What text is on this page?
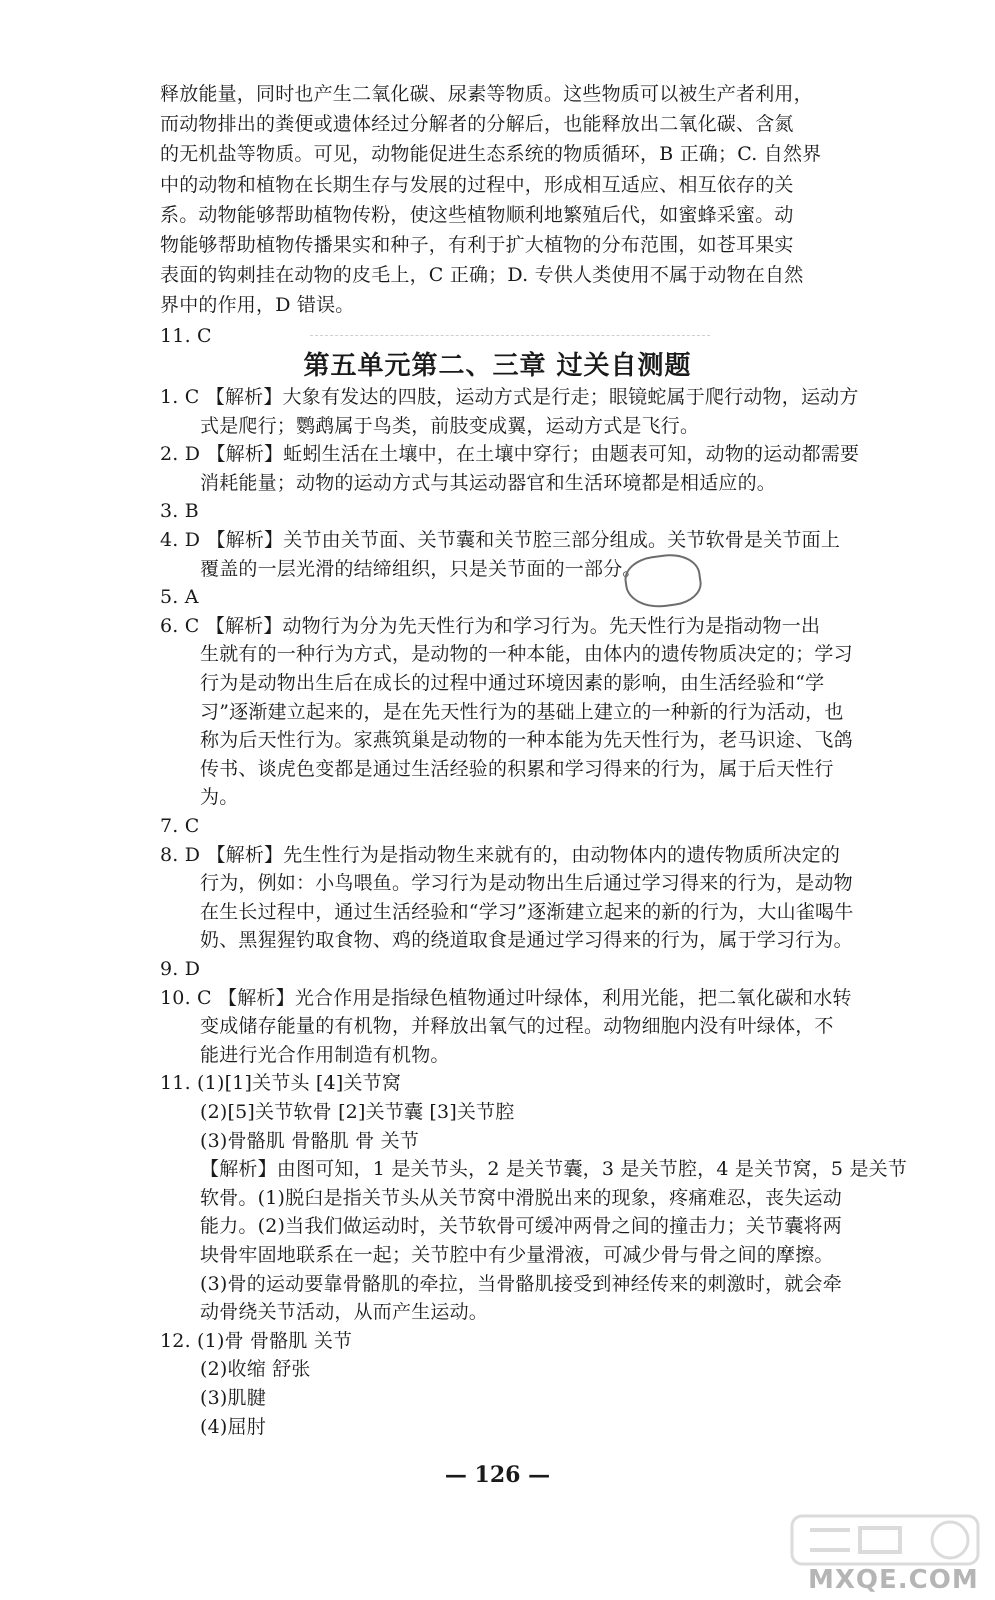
第五单元第二、三章 过关自测题
释放能量，同时也产生二氧化碳、尿素等物质。这些物质可以被生产者利用，
而动物排出的粪便或遗体经过分解者的分解后，也能释放出二氧化碳、含氮
的无机盐等物质。可见，动物能促进生态系统的物质循环，B 正确；C. 自然界
中的动物和植物在长期生存与发展的过程中，形成相互适应、相互依存的关
系。动物能够帮助植物传粉，使这些植物顺利地繁殖后代，如蜜蜂采蜜。动
物能够帮助植物传播果实和种子，有利于扩大植物的分布范围，如苍耳果实
表面的钩刺挂在动物的皮毛上，C 正确；D. 专供人类使用不属于动物在自然
界中的作用，D 错误。
11. C
1. C 【解析】大象有发达的四肢，运动方式是行走；眼镜蛇属于爬行动物，运动方
式是爬行；鹦鹉属于鸟类，前肢变成翼，运动方式是飞行。
2. D 【解析】蚯蚓生活在土壤中，在土壤中穿行；由题表可知，动物的运动都需要
消耗能量；动物的运动方式与其运动器官和生活环境都是相适应的。
3. B
4. D 【解析】关节由关节面、关节囊和关节腔三部分组成。关节软骨是关节面上
覆盖的一层光滑的结缔组织，只是关节面的一部分。
5. A
6. C 【解析】动物行为分为先天性行为和学习行为。先天性行为是指动物一出
生就有的一种行为方式，是动物的一种本能，由体内的遗传物质决定的；学习
行为是动物出生后在成长的过程中通过环境因素的影响，由生活经验和“学
习”逐渐建立起来的，是在先天性行为的基础上建立的一种新的行为活动，也
称为后天性行为。家燕筑巢是动物的一种本能为先天性行为，老马识途、飞鸽
传书、谈虎色变都是通过生活经验的积累和学习得来的行为，属于后天性行
为。
7. C
8. D 【解析】先生性行为是指动物生来就有的，由动物体内的遗传物质所决定的
行为，例如：小鸟喂鱼。学习行为是动物出生后通过学习得来的行为，是动物
在生长过程中，通过生活经验和“学习”逐渐建立起来的新的行为，大山雀喝牛
奶、黑猩猩钓取食物、鸡的绕道取食是通过学习得来的行为，属于学习行为。
9. D
10. C 【解析】光合作用是指绿色植物通过叶绿体，利用光能，把二氧化碳和水转
变成储存能量的有机物，并释放出氧气的过程。动物细胞内没有叶绿体，不
能进行光合作用制造有机物。
11. (1)[1]关节头 [4]关节窝
(2)[5]关节软骨 [2]关节囊 [3]关节腔
(3)骨骼肌 骨骼肌 骨 关节
【解析】由图可知，1 是关节头，2 是关节囊，3 是关节腔，4 是关节窝，5 是关节
软骨。(1)脱臼是指关节头从关节窝中滑脱出来的现象，疼痛难忍，丧失运动
能力。(2)当我们做运动时，关节软骨可缓冲两骨之间的撞击力；关节囊将两
块骨牢固地联系在一起；关节腔中有少量滑液，可减少骨与骨之间的摩擦。
(3)骨的运动要靠骨骼肌的牵拉，当骨骼肌接受到神经传来的刺激时，就会牵
动骨绕关节活动，从而产生运动。
12. (1)骨 骨骼肌 关节
(2)收缩 舒张
(3)肌腱
(4)屈肘

— 126 —
MXQE.COM
